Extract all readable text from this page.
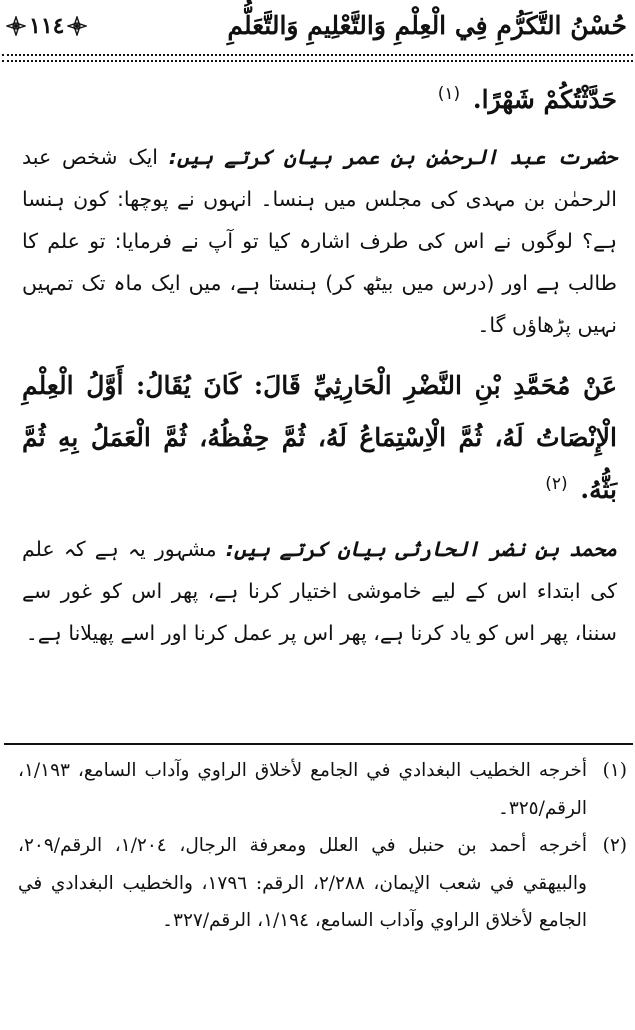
حُسْنُ التَّكَرُّمِ فِي الْعِلْمِ وَالتَّعْلِيمِ وَالتَّعَلُّمِ
١١٤

حَدَّثْتُكُمْ شَهْرًا. $^{(١)}$

حضرت عبد الرحمٰن بن عمر بیان کرتے ہیں: ایک شخص عبد الرحمٰن بن مہدی کی مجلس میں ہنسا۔ انہوں نے پوچھا: کون ہنسا ہے؟ لوگوں نے اس کی طرف اشارہ کیا تو آپ نے فرمایا: تو علم کا طالب ہے اور (درس میں بیٹھ کر) ہنستا ہے، میں ایک ماہ تک تمہیں نہیں پڑھاؤں گا۔

عَنْ مُحَمَّدِ بْنِ النَّضْرِ الْحَارِثِيِّ قَالَ: كَانَ يُقَالُ: أَوَّلُ الْعِلْمِ الْإِنْصَاتُ لَهُ، ثُمَّ الْاِسْتِمَاعُ لَهُ، ثُمَّ حِفْظُهُ، ثُمَّ الْعَمَلُ بِهِ ثُمَّ بَثُّهُ. $^{(٢)}$

محمد بن نضر الحارثی بیان کرتے ہیں: مشہور یہ ہے کہ علم کی ابتداء اس کے لیے خاموشی اختیار کرنا ہے، پھر اس کو غور سے سننا، پھر اس کو یاد کرنا ہے، پھر اس پر عمل کرنا اور اسے پھیلانا ہے۔

(١)
أخرجه الخطيب البغدادي في الجامع لأخلاق الراوي وآداب السامع، ١/١٩٣، الرقم/٣٢٥۔

(٢)
أخرجه أحمد بن حنبل في العلل ومعرفة الرجال، ١/٢٠٤، الرقم/٢٠٩، والبيهقي في شعب الإيمان، ٢/٢٨٨، الرقم: ١٧٩٦، والخطيب البغدادي في الجامع لأخلاق الراوي وآداب السامع، ١/١٩٤، الرقم/٣٢٧۔
